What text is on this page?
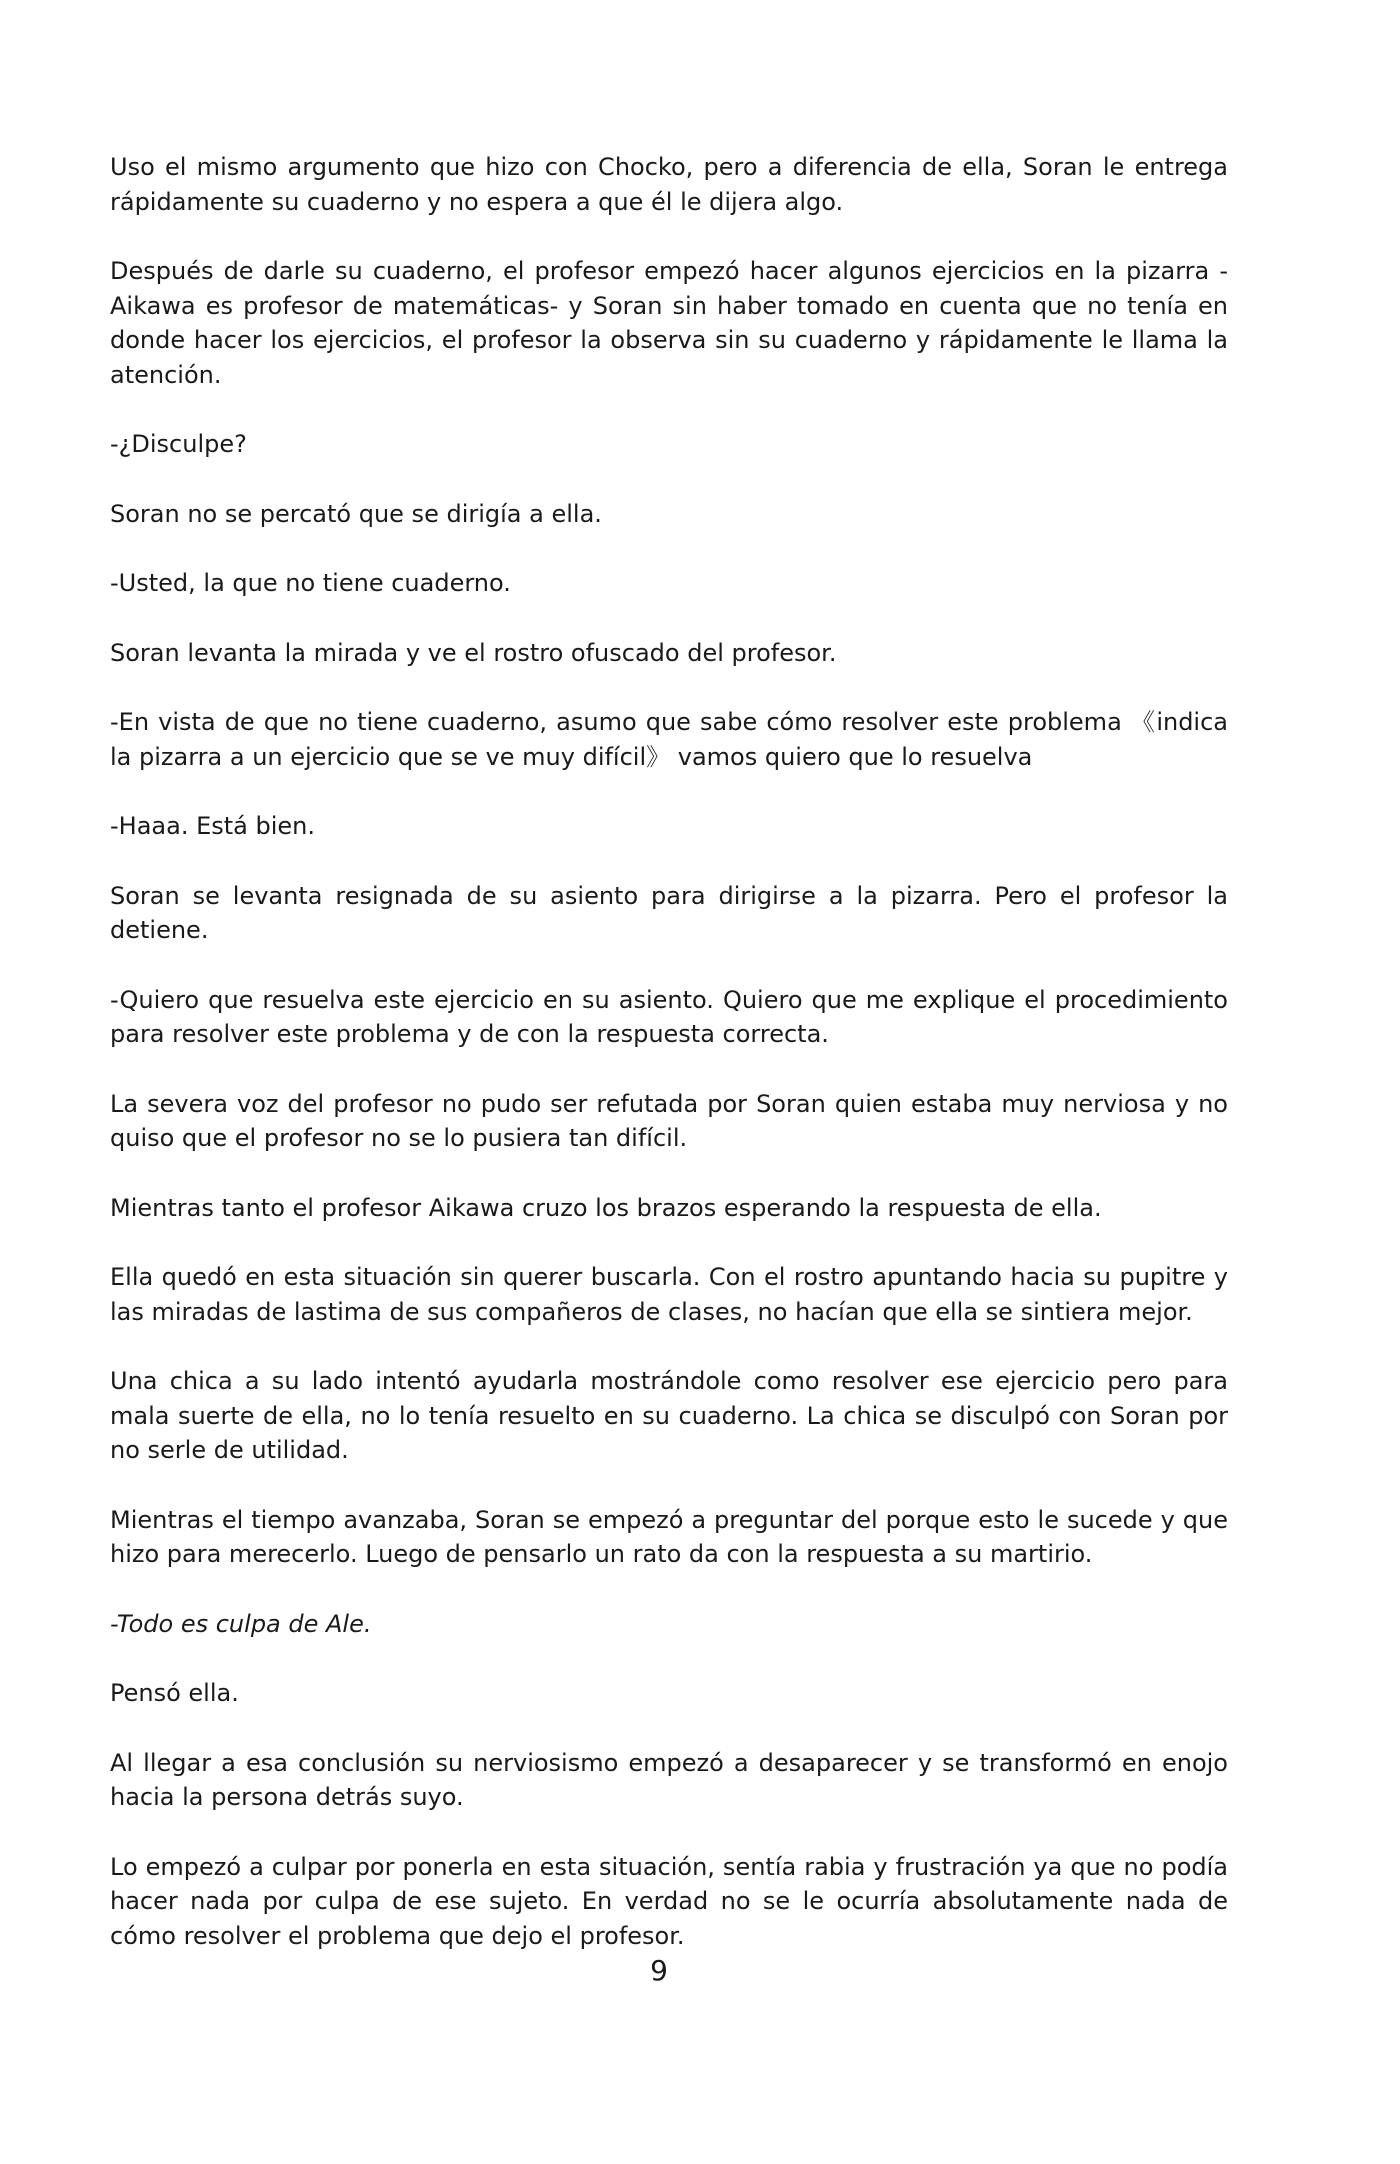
Uso el mismo argumento que hizo con Chocko, pero a diferencia de ella, Soran le entrega rápidamente su cuaderno y no espera a que él le dijera algo.

Después de darle su cuaderno, el profesor empezó hacer algunos ejercicios en la pizarra -Aikawa es profesor de matemáticas- y Soran sin haber tomado en cuenta que no tenía en donde hacer los ejercicios, el profesor la observa sin su cuaderno y rápidamente le llama la atención.

-¿Disculpe?

Soran no se percató que se dirigía a ella.

-Usted, la que no tiene cuaderno.

Soran levanta la mirada y ve el rostro ofuscado del profesor.

-En vista de que no tiene cuaderno, asumo que sabe cómo resolver este problema 《indica la pizarra a un ejercicio que se ve muy difícil》 vamos quiero que lo resuelva

-Haaa. Está bien.

Soran se levanta resignada de su asiento para dirigirse a la pizarra. Pero el profesor la detiene.

-Quiero que resuelva este ejercicio en su asiento. Quiero que me explique el procedimiento para resolver este problema y de con la respuesta correcta.

La severa voz del profesor no pudo ser refutada por Soran quien estaba muy nerviosa y no quiso que el profesor no se lo pusiera tan difícil.

Mientras tanto el profesor Aikawa cruzo los brazos esperando la respuesta de ella.

Ella quedó en esta situación sin querer buscarla. Con el rostro apuntando hacia su pupitre y las miradas de lastima de sus compañeros de clases, no hacían que ella se sintiera mejor.

Una chica a su lado intentó ayudarla mostrándole como resolver ese ejercicio pero para mala suerte de ella, no lo tenía resuelto en su cuaderno. La chica se disculpó con Soran por no serle de utilidad.

Mientras el tiempo avanzaba, Soran se empezó a preguntar del porque esto le sucede y que hizo para merecerlo. Luego de pensarlo un rato da con la respuesta a su martirio.

-Todo es culpa de Ale.

Pensó ella.

Al llegar a esa conclusión su nerviosismo empezó a desaparecer y se transformó en enojo hacia la persona detrás suyo.

Lo empezó a culpar por ponerla en esta situación, sentía rabia y frustración ya que no podía hacer nada por culpa de ese sujeto. En verdad no se le ocurría absolutamente nada de cómo resolver el problema que dejo el profesor.

9
